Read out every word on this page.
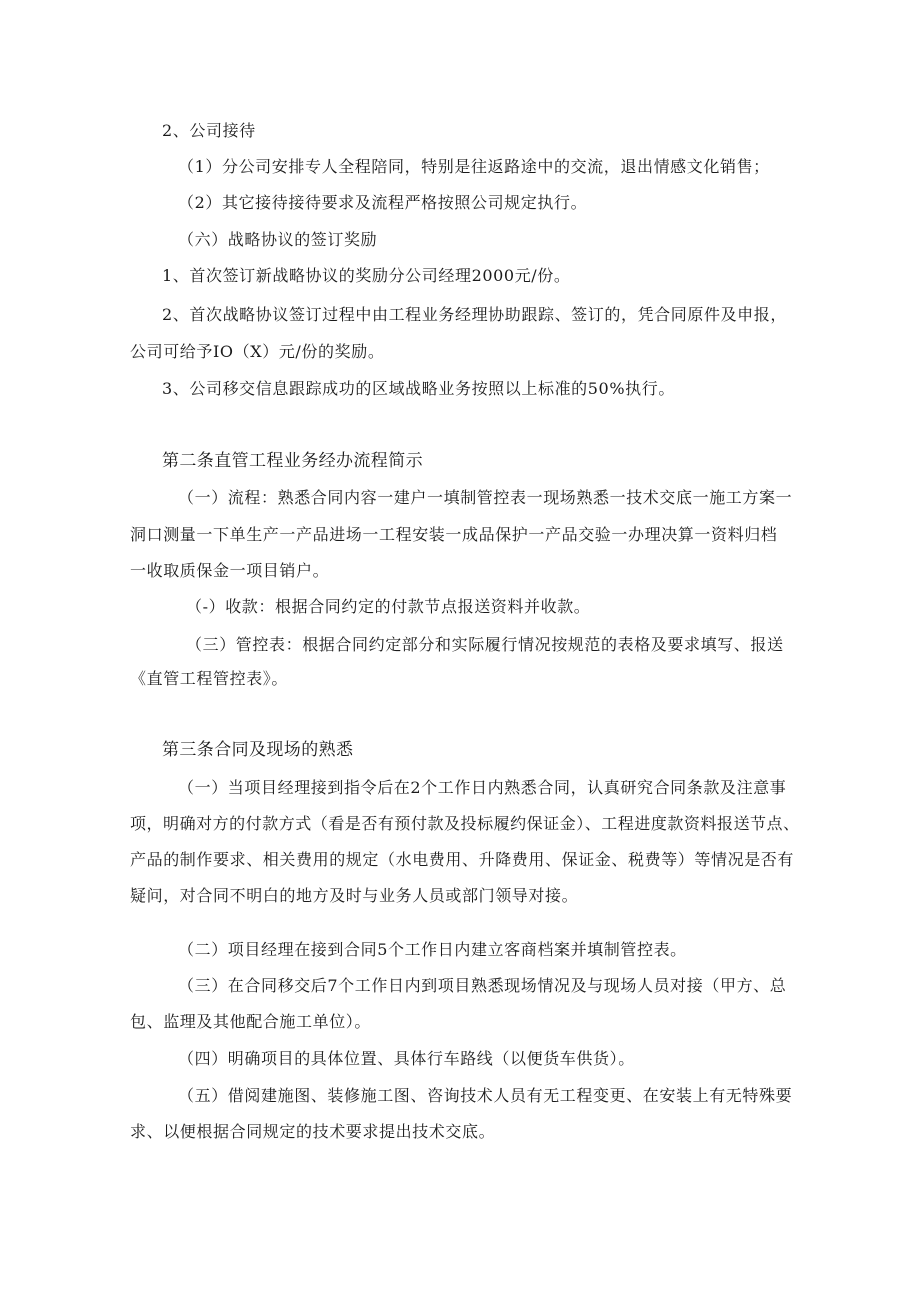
2、公司接待
（1）分公司安排专人全程陪同，特别是往返路途中的交流，退出情感文化销售；
（2）其它接待接待要求及流程严格按照公司规定执行。
（六）战略协议的签订奖励
1、首次签订新战略协议的奖励分公司经理2000元/份。
2、首次战略协议签订过程中由工程业务经理协助跟踪、签订的，凭合同原件及申报，
公司可给予IO（X）元/份的奖励。
3、公司移交信息跟踪成功的区域战略业务按照以上标准的50%执行。
第二条直管工程业务经办流程简示
（一）流程：熟悉合同内容一建户一填制管控表一现场熟悉一技术交底一施工方案一
洞口测量一下单生产一产品进场一工程安装一成品保护一产品交验一办理决算一资料归档
一收取质保金一项目销户。
（-）收款：根据合同约定的付款节点报送资料并收款。
（三）管控表：根据合同约定部分和实际履行情况按规范的表格及要求填写、报送
《直管工程管控表》。
第三条合同及现场的熟悉
（一）当项目经理接到指令后在2个工作日内熟悉合同，认真研究合同条款及注意事
项，明确对方的付款方式（看是否有预付款及投标履约保证金）、工程进度款资料报送节点、
产品的制作要求、相关费用的规定（水电费用、升降费用、保证金、税费等）等情况是否有
疑问，对合同不明白的地方及时与业务人员或部门领导对接。
（二）项目经理在接到合同5个工作日内建立客商档案并填制管控表。
（三）在合同移交后7个工作日内到项目熟悉现场情况及与现场人员对接（甲方、总
包、监理及其他配合施工单位）。
（四）明确项目的具体位置、具体行车路线（以便货车供货）。
（五）借阅建施图、装修施工图、咨询技术人员有无工程变更、在安装上有无特殊要
求、以便根据合同规定的技术要求提出技术交底。
